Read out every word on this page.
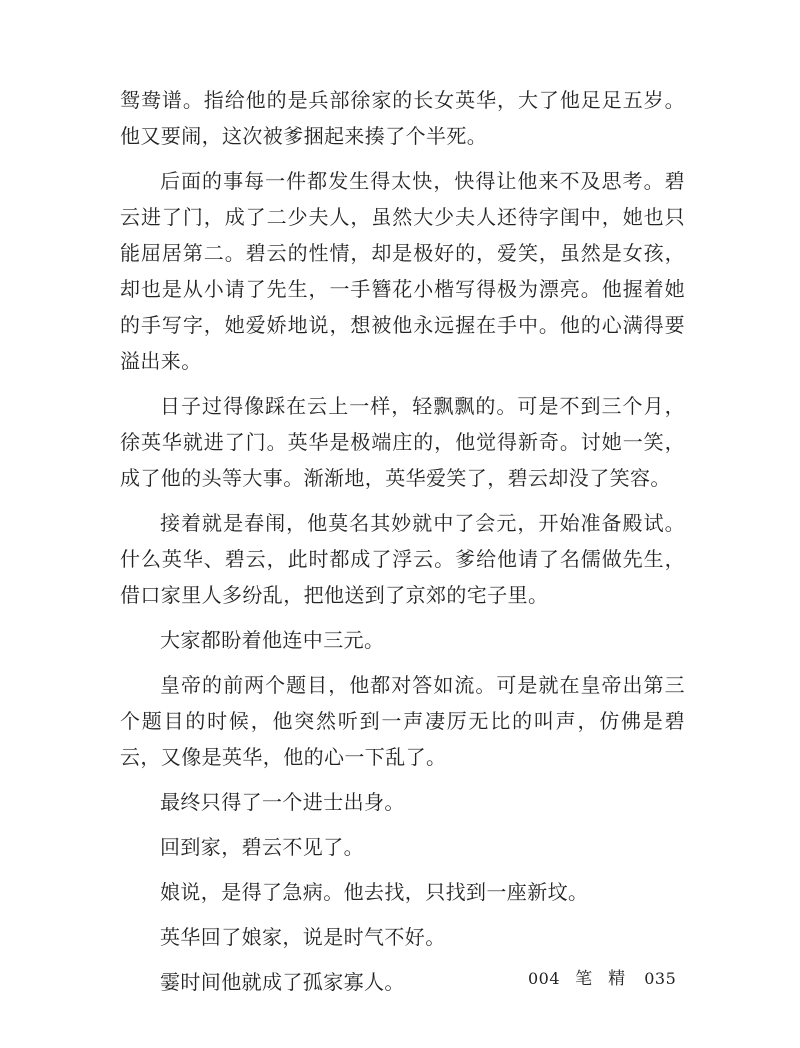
鸳鸯谱。指给他的是兵部徐家的长女英华，大了他足足五岁。他又要闹，这次被爹捆起来揍了个半死。

后面的事每一件都发生得太快，快得让他来不及思考。碧云进了门，成了二少夫人，虽然大少夫人还待字闺中，她也只能屈居第二。碧云的性情，却是极好的，爱笑，虽然是女孩，却也是从小请了先生，一手簪花小楷写得极为漂亮。他握着她的手写字，她爱娇地说，想被他永远握在手中。他的心满得要溢出来。

日子过得像踩在云上一样，轻飘飘的。可是不到三个月，徐英华就进了门。英华是极端庄的，他觉得新奇。讨她一笑，成了他的头等大事。渐渐地，英华爱笑了，碧云却没了笑容。

接着就是春闱，他莫名其妙就中了会元，开始准备殿试。什么英华、碧云，此时都成了浮云。爹给他请了名儒做先生，借口家里人多纷乱，把他送到了京郊的宅子里。

大家都盼着他连中三元。

皇帝的前两个题目，他都对答如流。可是就在皇帝出第三个题目的时候，他突然听到一声凄厉无比的叫声，仿佛是碧云，又像是英华，他的心一下乱了。

最终只得了一个进士出身。

回到家，碧云不见了。

娘说，是得了急病。他去找，只找到一座新坟。

英华回了娘家，说是时气不好。

霎时间他就成了孤家寡人。	004 笔 精 035
